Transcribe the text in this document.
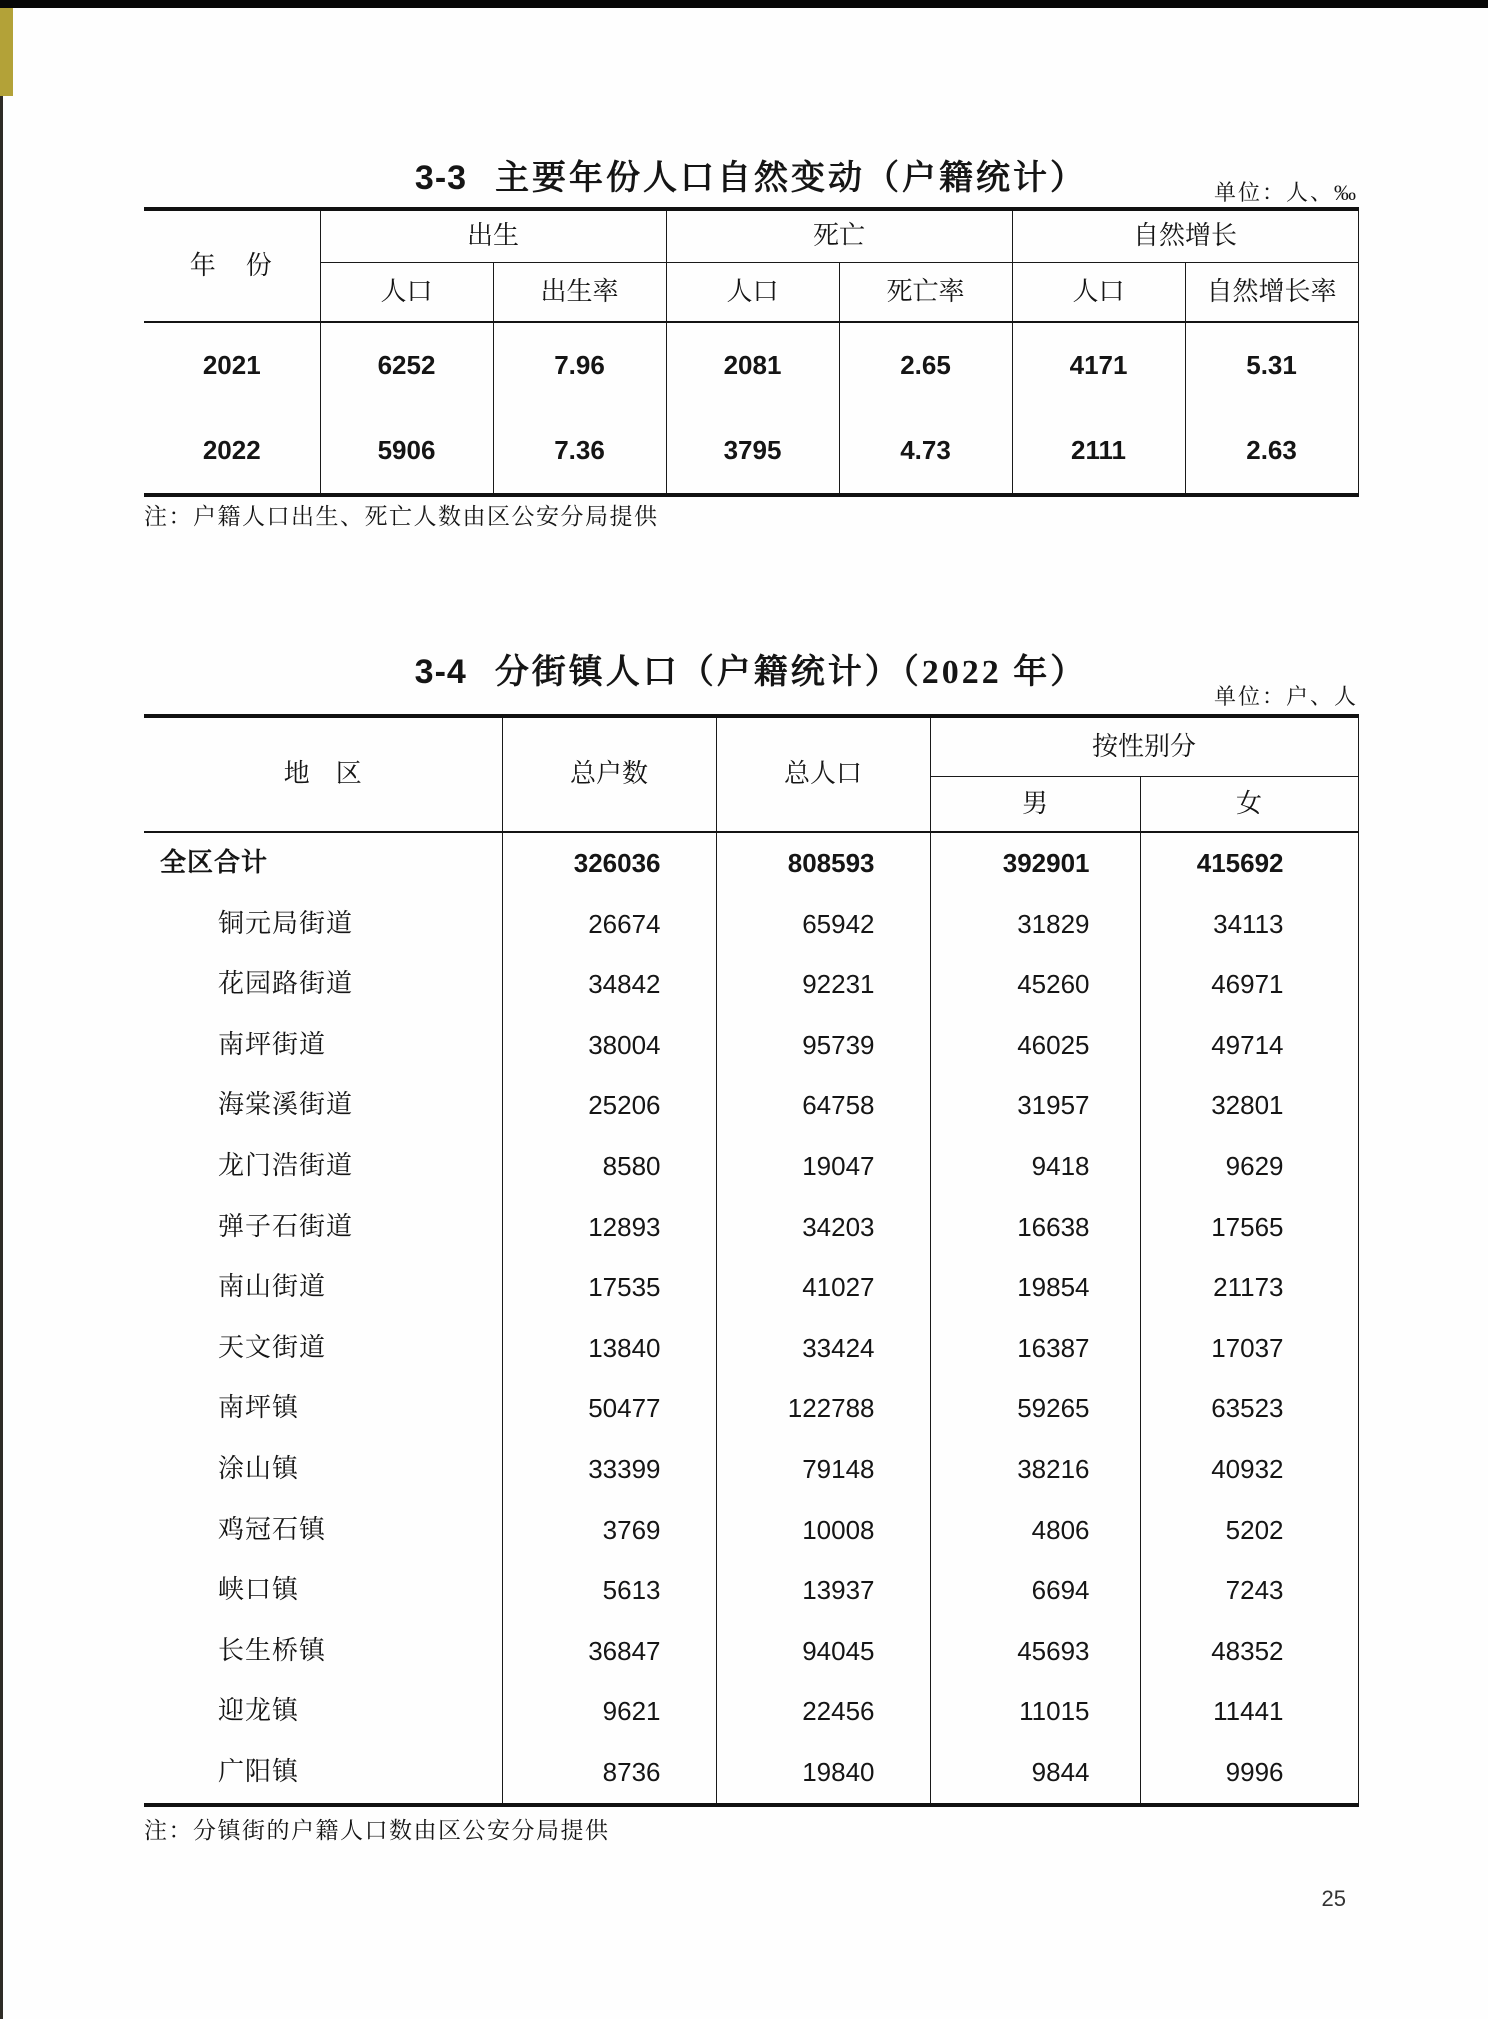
3-3 主要年份人口自然变动（户籍统计）	单位：人、‰
年　份	出生		死亡		自然增长	
	人口	出生率	人口	死亡率	人口	自然增长率
2021	6252	7.96	2081	2.65	4171	5.31
2022	5906	7.36	3795	4.73	2111	2.63
注：户籍人口出生、死亡人数由区公安分局提供
3-4 分街镇人口（户籍统计）（2022 年）
单位：户、人
地　区	总户数	总人口	按性别分	
			男	女
全区合计	326036	808593	392901	415692
铜元局街道	26674	65942	31829	34113
花园路街道	34842	92231	45260	46971
南坪街道	38004	95739	46025	49714
海棠溪街道	25206	64758	31957	32801
龙门浩街道	8580	19047	9418	9629
弹子石街道	12893	34203	16638	17565
南山街道	17535	41027	19854	21173
天文街道	13840	33424	16387	17037
南坪镇	50477	122788	59265	63523
涂山镇	33399	79148	38216	40932
鸡冠石镇	3769	10008	4806	5202
峡口镇	5613	13937	6694	7243
长生桥镇	36847	94045	45693	48352
迎龙镇	9621	22456	11015	11441
广阳镇	8736	19840	9844	9996
注：分镇街的户籍人口数由区公安分局提供
25
